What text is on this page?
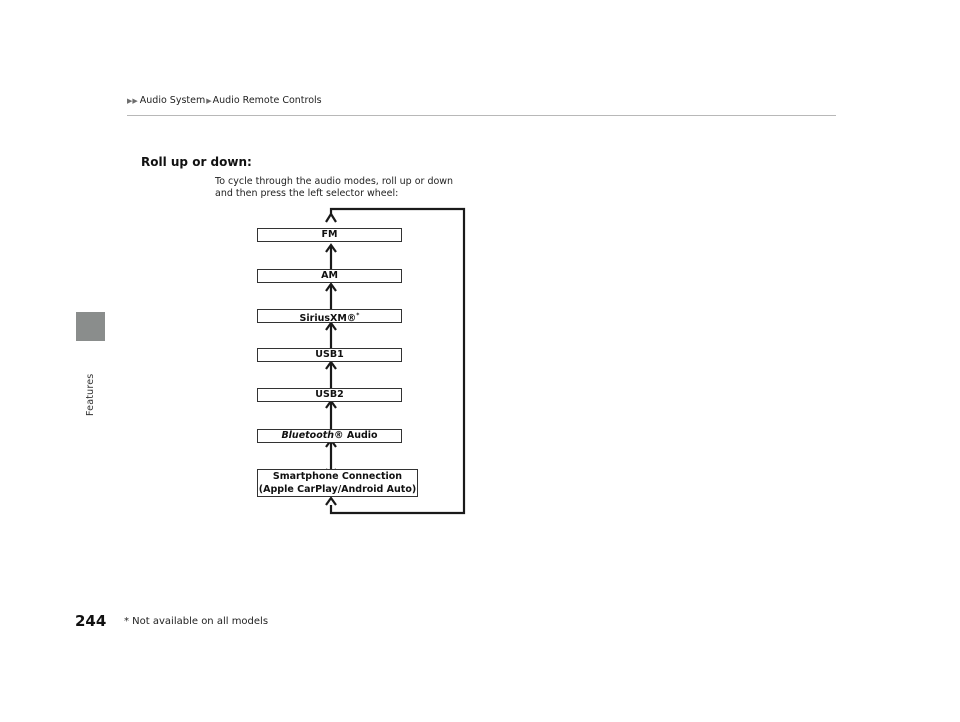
Features
▶ ▶ Audio System ▶ Audio Remote Controls
Roll up or down:
To cycle through the audio modes, roll up or down
and then press the left selector wheel:
FM
AM
SiriusXM®*
USB1
USB2
Bluetooth® Audio
Smartphone Connection
(Apple CarPlay/Android Auto)
244 * Not available on all models
